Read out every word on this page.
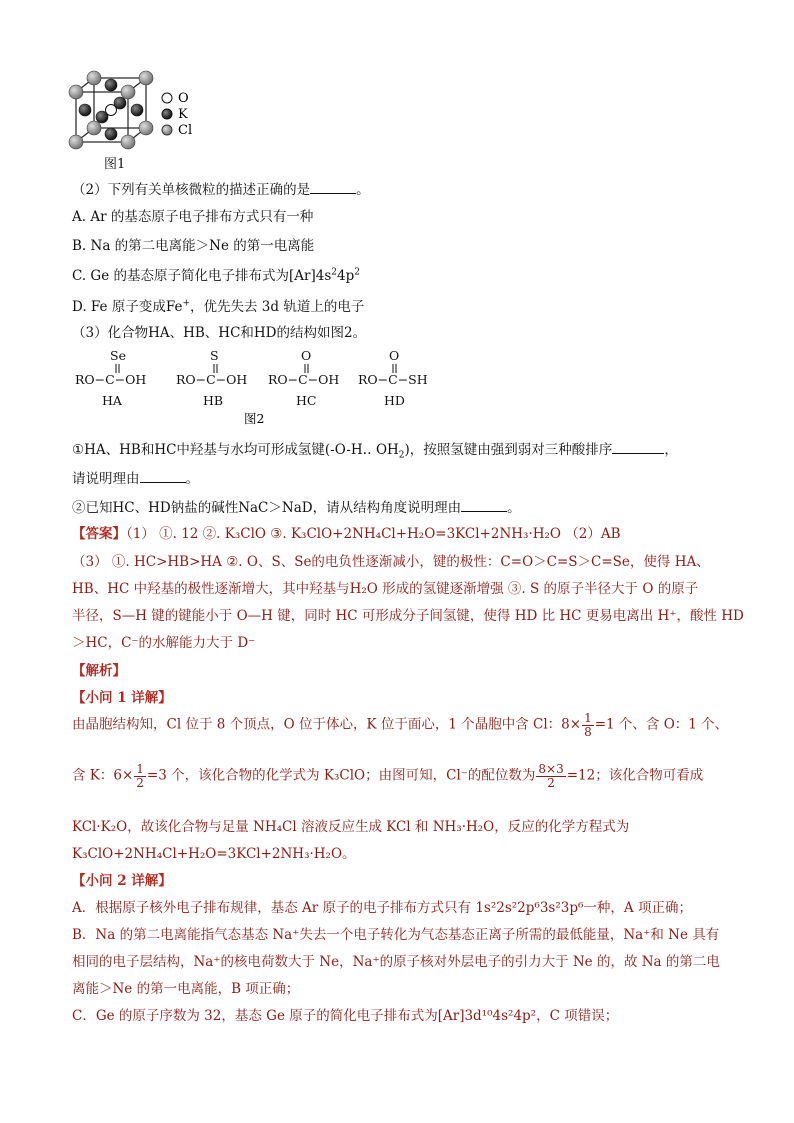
O
K
Cl
图1
（2）下列有关单核微粒的描述正确的是	。
A. Ar 的基态原子电子排布方式只有一种
B. Na 的第二电离能＞Ne 的第一电离能
C. Ge 的基态原子简化电子排布式为$[Ar]4s^24p^2$
D. Fe 原子变成Fe+，优先失去 3d 轨道上的电子
（3）化合物HA、HB、HC和HD的结构如图2。
Se	S	O	O
RO−C−OH RO−C−OH RO−C−OH RO−C−SH
HA	HB	HC	HD
图2
①HA、HB和HC中羟基与水均可形成氢键(-O-H‥ $OH_2$)，按照氢键由强到弱对三种酸排序	，
请说明理由	。
②已知HC、HD钠盐的碱性NaC＞NaD，请从结构角度说明理由	。
【答案】（1） ①. 12 ②. K₃ClO ③. K₃ClO+2NH₄Cl+H₂O=3KCl+2NH₃·H₂O （2）AB
（3） ①. HC>HB>HA ②. O、S、Se的电负性逐渐减小，键的极性：C=O＞C=S＞C=Se，使得 HA、
HB、HC 中羟基的极性逐渐增大，其中羟基与H₂O 形成的氢键逐渐增强 ③. S 的原子半径大于 O 的原子
半径，S—H 键的键能小于 O—H 键，同时 HC 可形成分子间氢键，使得 HD 比 HC 更易电离出 H⁺，酸性 HD
＞HC，C⁻的水解能力大于 D⁻
【解析】
【小问 1 详解】
由晶胞结构知，Cl 位于 8 个顶点，O 位于体心，K 位于面心，1 个晶胞中含 Cl：$8\times \frac{1}{8} =1$ 个、含 O：1 个、
含 K：$6\times \frac{1}{2} =3$ 个，该化合物的化学式为 K₃ClO；由图可知，Cl⁻的配位数为 $\frac{8\times 3}{2} =12$；该化合物可看成
KCl·K₂O，故该化合物与足量 NH₄Cl 溶液反应生成 KCl 和 NH₃·H₂O，反应的化学方程式为
K₃ClO+2NH₄Cl+H₂O=3KCl+2NH₃·H₂O。
【小问 2 详解】
A．根据原子核外电子排布规律，基态 Ar 原子的电子排布方式只有 1s²2s²2p⁶3s²3p⁶一种，A 项正确；
B．Na 的第二电离能指气态基态 Na⁺失去一个电子转化为气态基态正离子所需的最低能量，Na⁺和 Ne 具有
相同的电子层结构，Na⁺的核电荷数大于 Ne，Na⁺的原子核对外层电子的引力大于 Ne 的，故 Na 的第二电
离能＞Ne 的第一电离能，B 项正确；
C．Ge 的原子序数为 32，基态 Ge 原子的简化电子排布式为[Ar]3d¹⁰4s²4p²，C 项错误；
